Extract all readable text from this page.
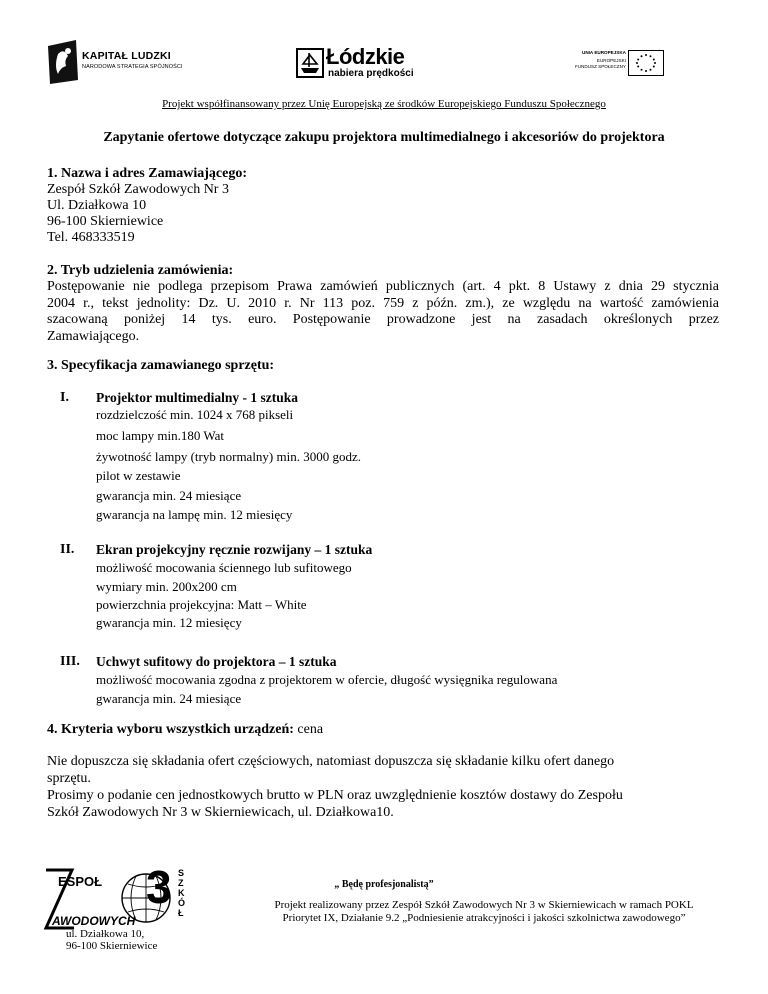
KAPITAŁ LUDZKI
NARODOWA STRATEGIA SPÓJNOŚCI	Łódzkie
nabiera prędkości
UNIA EUROPEJSKA
EUROPEJSKI
FUNDUSZ SPOŁECZNY
Projekt współfinansowany przez Unię Europejską ze środków Europejskiego Funduszu Społecznego
Zapytanie ofertowe dotyczące zakupu projektora multimedialnego i akcesoriów do projektora
1. Nazwa i adres Zamawiającego:
Zespół Szkół Zawodowych Nr 3
Ul. Działkowa 10
96-100 Skierniewice
Tel. 468333519
2. Tryb udzielenia zamówienia:
Postępowanie nie podlega przepisom Prawa zamówień publicznych (art. 4 pkt. 8 Ustawy z dnia 29 stycznia
2004 r., tekst jednolity: Dz. U. 2010 r. Nr 113 poz. 759 z późn. zm.), ze względu na wartość zamówienia
szacowaną poniżej 14 tys. euro. Postępowanie prowadzone jest na zasadach określonych przez
Zamawiającego.
3. Specyfikacja zamawianego sprzętu:
I. Projektor multimedialny - 1 sztuka
rozdzielczość min. 1024 x 768 pikseli
moc lampy min.180 Wat
żywotność lampy (tryb normalny) min. 3000 godz.
pilot w zestawie
gwarancja min. 24 miesiące
gwarancja na lampę min. 12 miesięcy
II. Ekran projekcyjny ręcznie rozwijany – 1 sztuka
możliwość mocowania ściennego lub sufitowego
wymiary min. 200x200 cm
powierzchnia projekcyjna: Matt – White
gwarancja min. 12 miesięcy
III. Uchwyt sufitowy do projektora – 1 sztuka
możliwość mocowania zgodna z projektorem w ofercie, długość wysięgnika regulowana
gwarancja min. 24 miesiące
4. Kryteria wyboru wszystkich urządzeń: cena
Nie dopuszcza się składania ofert częściowych, natomiast dopuszcza się składanie kilku ofert danego
sprzętu.
Prosimy o podanie cen jednostkowych brutto w PLN oraz uwzględnienie kosztów dostawy do Zespołu
Szkół Zawodowych Nr 3 w Skierniewicach, ul. Działkowa10.
ESPOŁ 3 SZKÓŁ
AWODOWYCH
ul. Działkowa 10,
96-100 Skierniewice
„ Będę profesjonalistą”
Projekt realizowany przez Zespół Szkół Zawodowych Nr 3 w Skierniewicach w ramach POKL
Priorytet IX, Działanie 9.2 „Podniesienie atrakcyjności i jakości szkolnictwa zawodowego”
